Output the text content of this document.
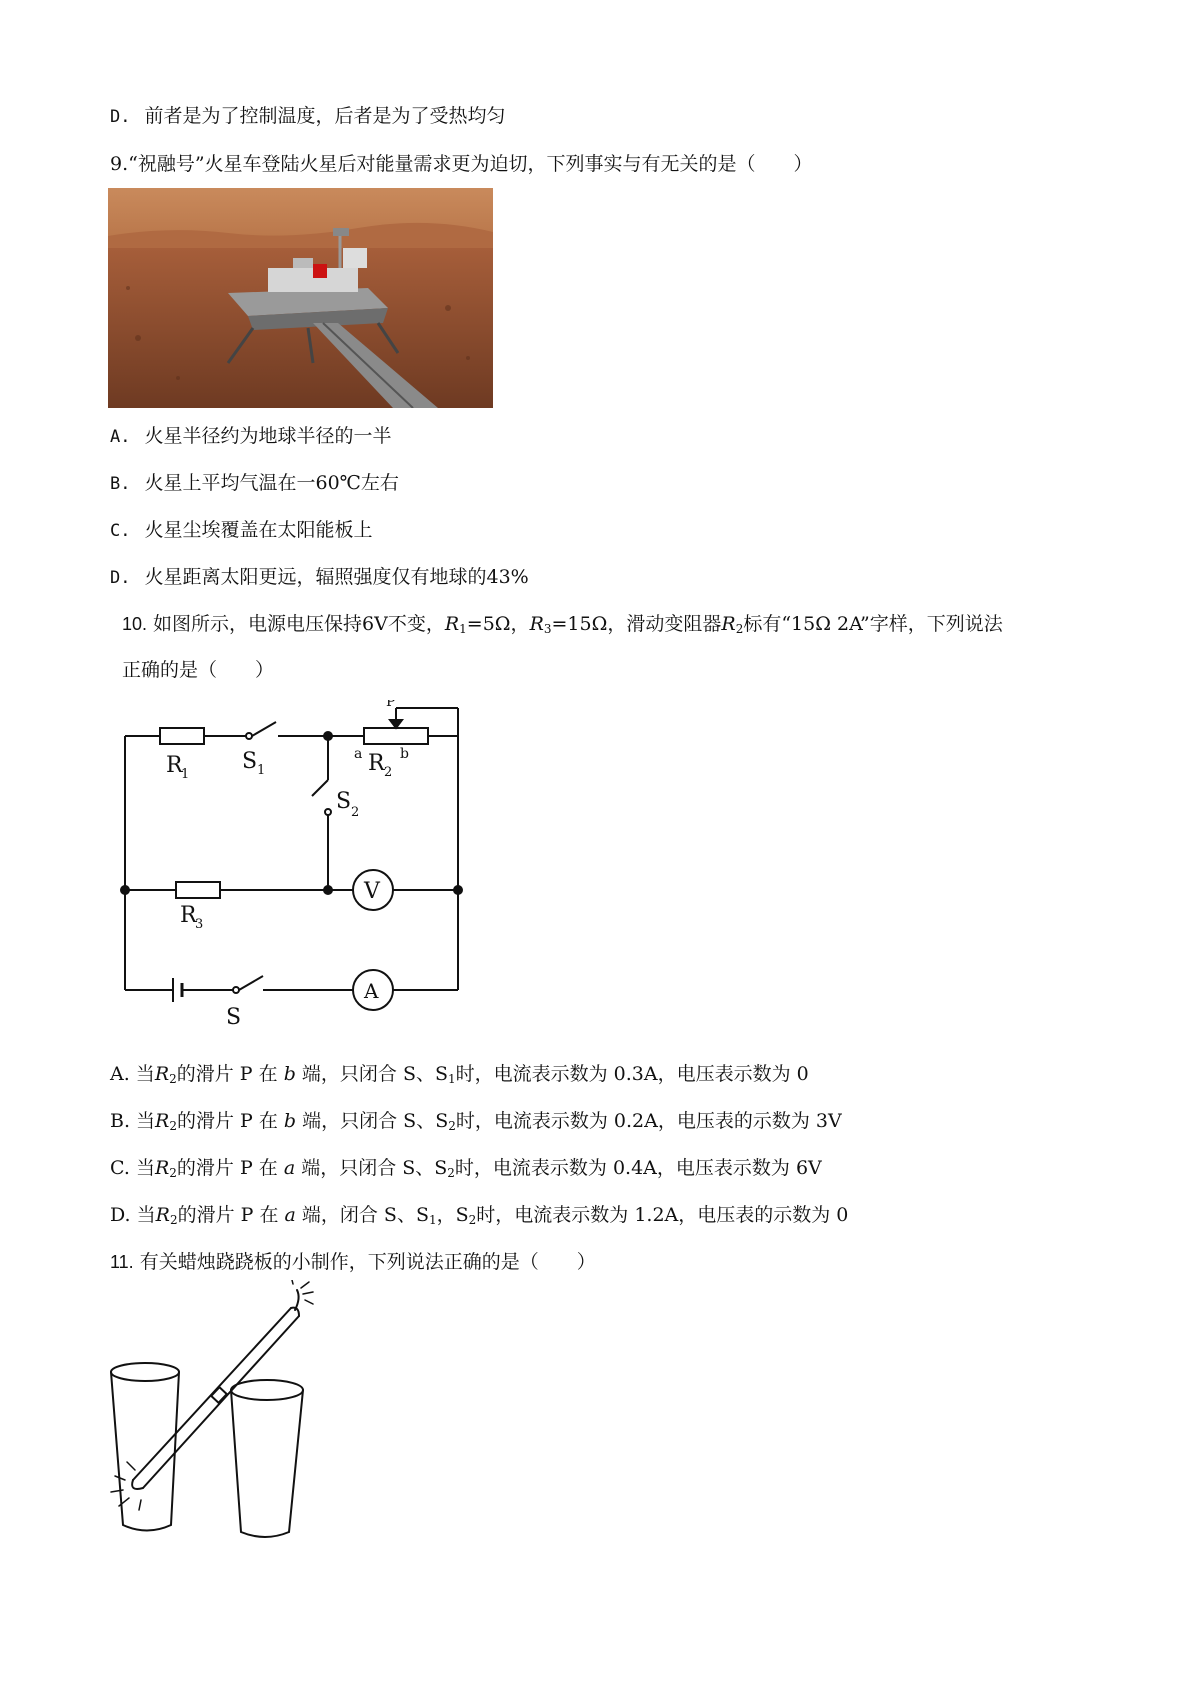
D. 前者是为了控制温度，后者是为了受热均匀
9.“祝融号”火星车登陆火星后对能量需求更为迫切，下列事实与有无关的是（　　）
A. 火星半径约为地球半径的一半
B. 火星上平均气温在一60℃左右
C. 火星尘埃覆盖在太阳能板上
D. 火星距离太阳更远，辐照强度仅有地球的43%
10. 如图所示，电源电压保持6V不变，$R_1=5\Omega$，$R_3=15\Omega$，滑动变阻器$R_2$标有“15Ω 2A”字样，下列说法
正确的是（　　）
R
1
S 1
P
a R 2
b
S 2
V
R
3
A
S
A. 当$R_2$的滑片 P 在 b 端，只闭合 S、$S_1$时，电流表示数为 0.3A，电压表示数为 0
B. 当$R_2$的滑片 P 在 b 端，只闭合 S、$S_2$时，电流表示数为 0.2A，电压表的示数为 3V
C. 当$R_2$的滑片 P 在 a 端，只闭合 S、$S_2$时，电流表示数为 0.4A，电压表示数为 6V
D. 当$R_2$的滑片 P 在 a 端，闭合 S、$S_1$，$S_2$时，电流表示数为 1.2A，电压表的示数为 0
11. 有关蜡烛跷跷板的小制作，下列说法正确的是（　　）
